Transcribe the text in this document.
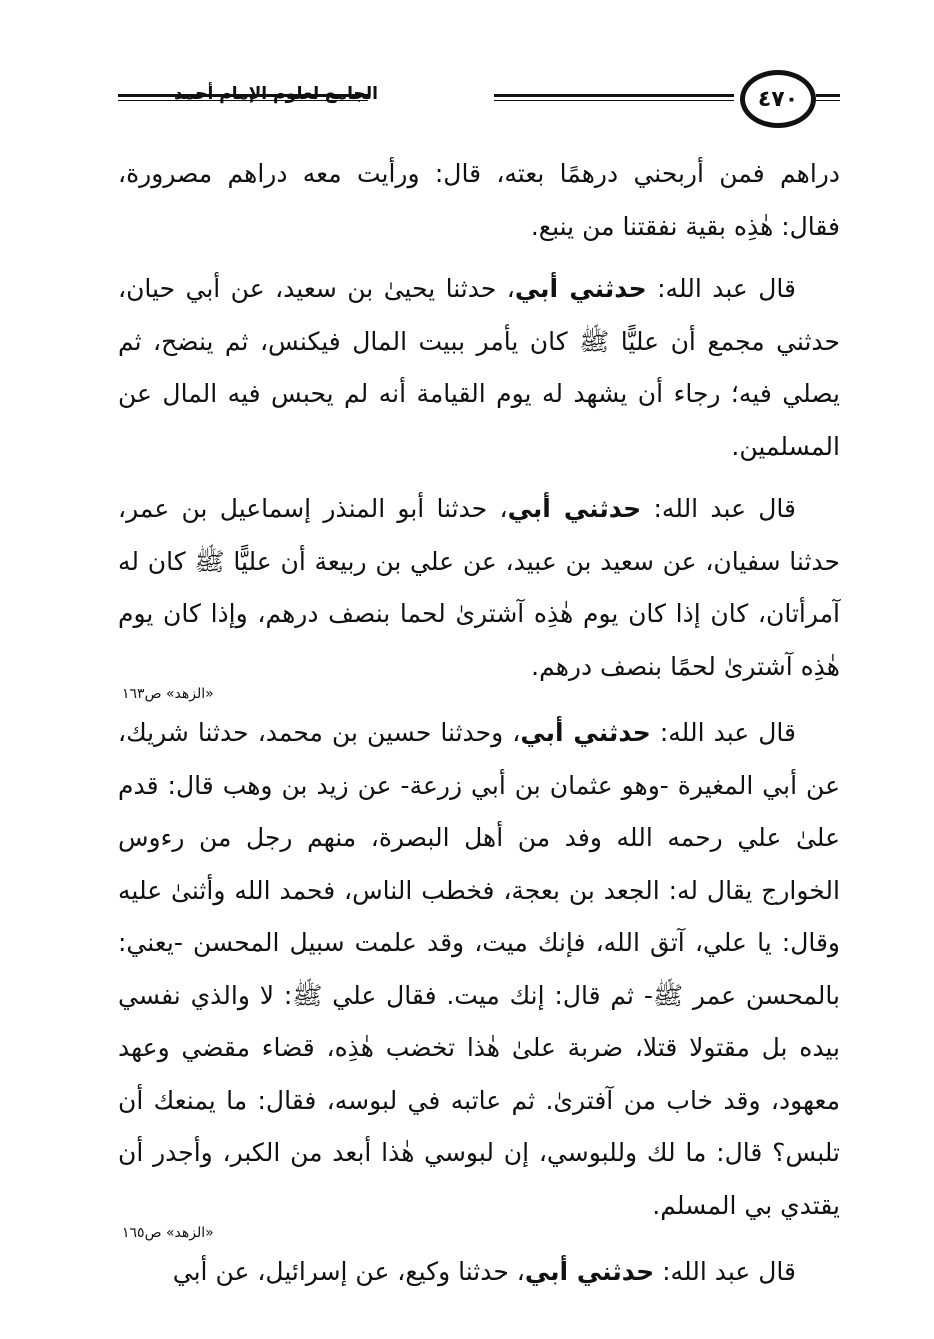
الجامع لعلوم الإمام أحمد	٤٧٠

دراهم فمن أربحني درهمًا بعته، قال: ورأيت معه دراهم مصرورة، فقال: هٰذِه بقية نفقتنا من ينبع.

قال عبد الله: حدثني أبي، حدثنا يحيىٰ بن سعيد، عن أبي حيان، حدثني مجمع أن عليًّا ﷺ كان يأمر ببيت المال فيكنس، ثم ينضح، ثم يصلي فيه؛ رجاء أن يشهد له يوم القيامة أنه لم يحبس فيه المال عن المسلمين.

قال عبد الله: حدثني أبي، حدثنا أبو المنذر إسماعيل بن عمر، حدثنا سفيان، عن سعيد بن عبيد، عن علي بن ربيعة أن عليًّا ﷺ كان له آمرأتان، كان إذا كان يوم هٰذِه آشترىٰ لحما بنصف درهم، وإذا كان يوم هٰذِه آشترىٰ لحمًا بنصف درهم.

«الزهد» ص١٦٣

قال عبد الله: حدثني أبي، وحدثنا حسين بن محمد، حدثنا شريك، عن أبي المغيرة -وهو عثمان بن أبي زرعة- عن زيد بن وهب قال: قدم علىٰ علي رحمه الله وفد من أهل البصرة، منهم رجل من رءوس الخوارج يقال له: الجعد بن بعجة، فخطب الناس، فحمد الله وأثنىٰ عليه وقال: يا علي، آتق الله، فإنك ميت، وقد علمت سبيل المحسن -يعني: بالمحسن عمر ﷺ- ثم قال: إنك ميت. فقال علي ﷺ: لا والذي نفسي بيده بل مقتولا قتلا، ضربة علىٰ هٰذا تخضب هٰذِه، قضاء مقضي وعهد معهود، وقد خاب من آفترىٰ. ثم عاتبه في لبوسه، فقال: ما يمنعك أن تلبس؟ قال: ما لك وللبوسي، إن لبوسي هٰذا أبعد من الكبر، وأجدر أن يقتدي بي المسلم.

«الزهد» ص١٦٥

قال عبد الله: حدثني أبي، حدثنا وكيع، عن إسرائيل، عن أبي
